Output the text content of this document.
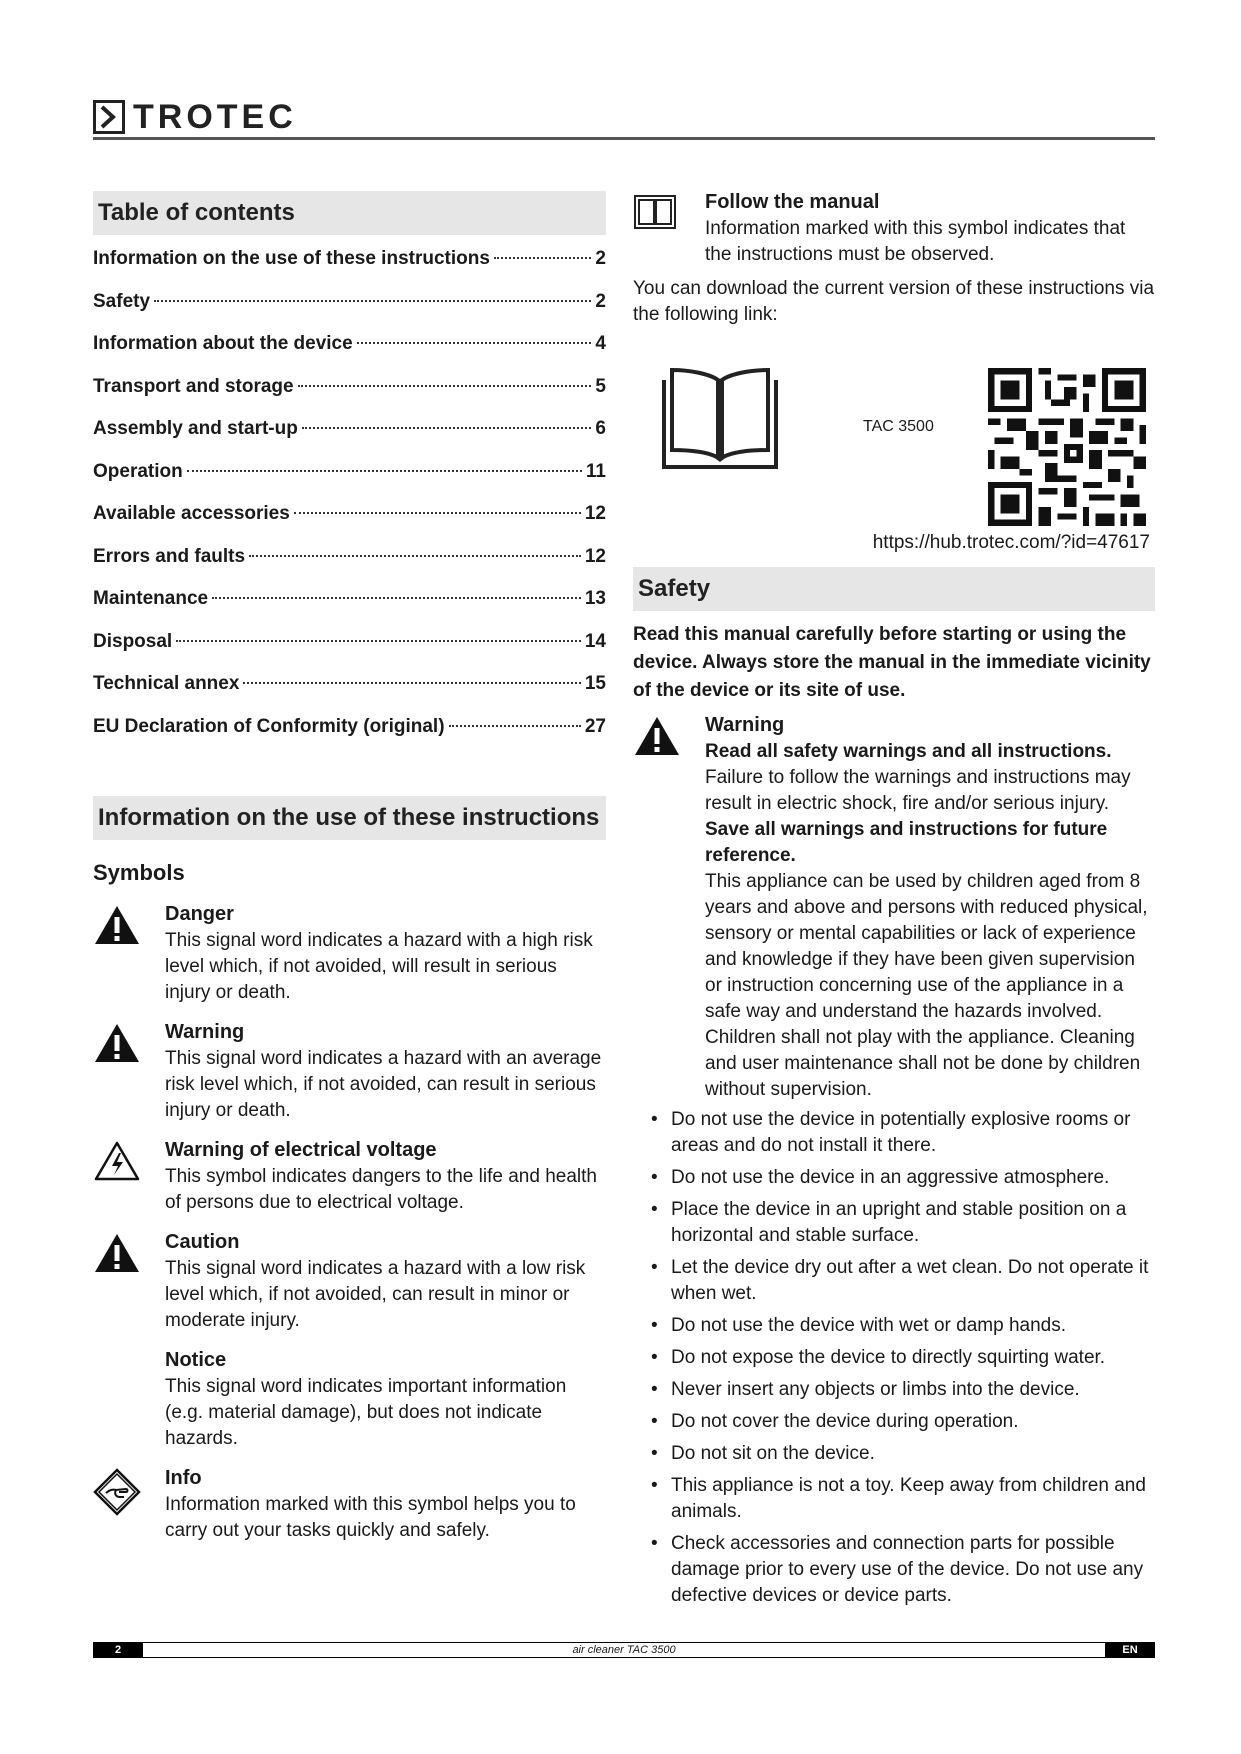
TROTEC
Table of contents
Information on the use of these instructions	2
Safety	2
Information about the device	4
Transport and storage	5
Assembly and start-up	6
Operation	11
Available accessories	12
Errors and faults	12
Maintenance	13
Disposal	14
Technical annex	15
EU Declaration of Conformity (original)	27
Information on the use of these instructions
Symbols
Danger
This signal word indicates a hazard with a high risk level which, if not avoided, will result in serious injury or death.
Warning
This signal word indicates a hazard with an average risk level which, if not avoided, can result in serious injury or death.
Warning of electrical voltage
This symbol indicates dangers to the life and health of persons due to electrical voltage.
Caution
This signal word indicates a hazard with a low risk level which, if not avoided, can result in minor or moderate injury.
Notice
This signal word indicates important information (e.g. material damage), but does not indicate hazards.
Info
Information marked with this symbol helps you to carry out your tasks quickly and safely.
Follow the manual
Information marked with this symbol indicates that the instructions must be observed.
You can download the current version of these instructions via the following link:
TAC 3500
https://hub.trotec.com/?id=47617
Safety
Read this manual carefully before starting or using the device. Always store the manual in the immediate vicinity of the device or its site of use.
Warning
Read all safety warnings and all instructions.
Failure to follow the warnings and instructions may result in electric shock, fire and/or serious injury.
Save all warnings and instructions for future reference.
This appliance can be used by children aged from 8 years and above and persons with reduced physical, sensory or mental capabilities or lack of experience and knowledge if they have been given supervision or instruction concerning use of the appliance in a safe way and understand the hazards involved.
Children shall not play with the appliance. Cleaning and user maintenance shall not be done by children without supervision.
• Do not use the device in potentially explosive rooms or areas and do not install it there.
• Do not use the device in an aggressive atmosphere.
• Place the device in an upright and stable position on a horizontal and stable surface.
• Let the device dry out after a wet clean. Do not operate it when wet.
• Do not use the device with wet or damp hands.
• Do not expose the device to directly squirting water.
• Never insert any objects or limbs into the device.
• Do not cover the device during operation.
• Do not sit on the device.
• This appliance is not a toy. Keep away from children and animals.
• Check accessories and connection parts for possible damage prior to every use of the device. Do not use any defective devices or device parts.
2	air cleaner TAC 3500	EN
